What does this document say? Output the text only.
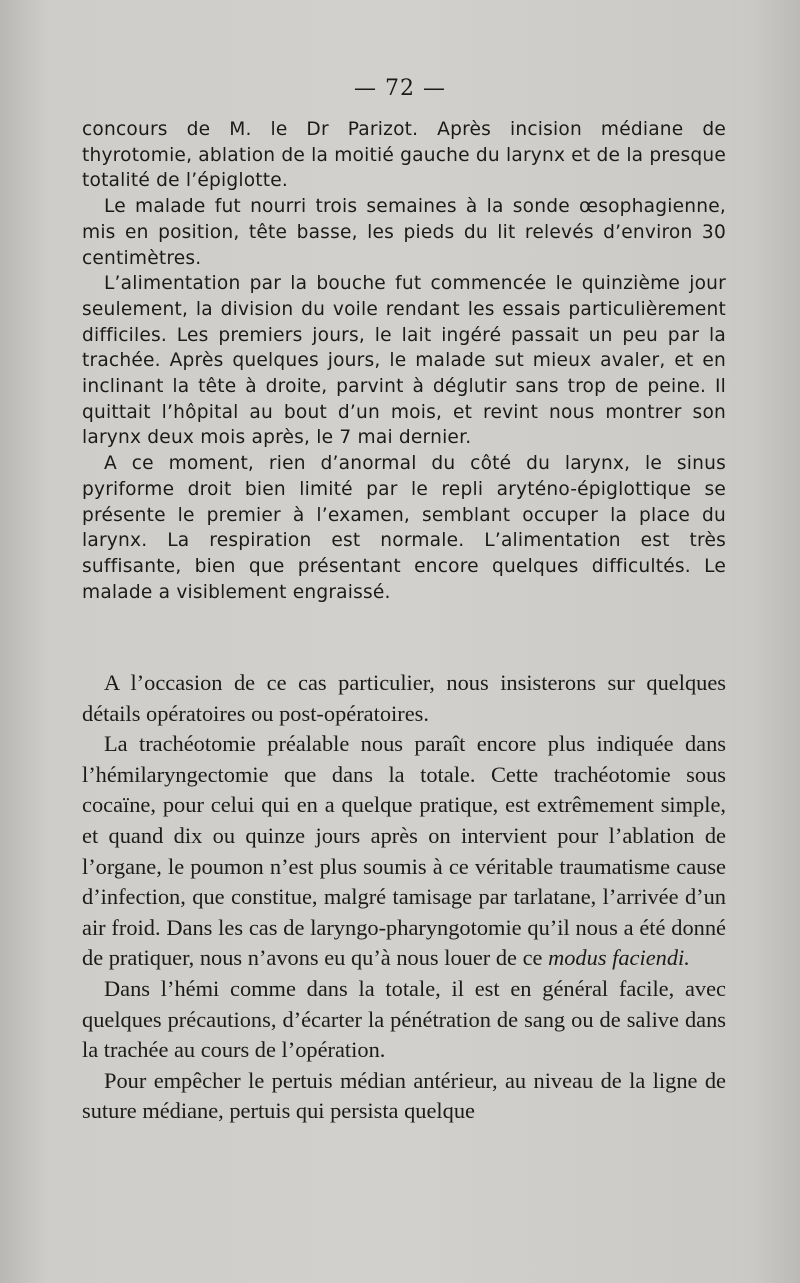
— 72 —

concours de M. le Dr Parizot. Après incision médiane de thyrotomie, ablation de la moitié gauche du larynx et de la presque totalité de l’épiglotte.

Le malade fut nourri trois semaines à la sonde œsophagienne, mis en position, tête basse, les pieds du lit relevés d’environ 30 centimètres.

L’alimentation par la bouche fut commencée le quinzième jour seulement, la division du voile rendant les essais particulièrement difficiles. Les premiers jours, le lait ingéré passait un peu par la trachée. Après quelques jours, le malade sut mieux avaler, et en inclinant la tête à droite, parvint à déglutir sans trop de peine. Il quittait l’hôpital au bout d’un mois, et revint nous montrer son larynx deux mois après, le 7 mai dernier.

A ce moment, rien d’anormal du côté du larynx, le sinus pyriforme droit bien limité par le repli aryténo-épiglottique se présente le premier à l’examen, semblant occuper la place du larynx. La respiration est normale. L’alimentation est très suffisante, bien que présentant encore quelques difficultés. Le malade a visiblement engraissé.

A l’occasion de ce cas particulier, nous insisterons sur quelques détails opératoires ou post-opératoires.

La trachéotomie préalable nous paraît encore plus indiquée dans l’hémilaryngectomie que dans la totale. Cette trachéotomie sous cocaïne, pour celui qui en a quelque pratique, est extrêmement simple, et quand dix ou quinze jours après on intervient pour l’ablation de l’organe, le poumon n’est plus soumis à ce véritable traumatisme cause d’infection, que constitue, malgré tamisage par tarlatane, l’arrivée d’un air froid. Dans les cas de laryngo-pharyngotomie qu’il nous a été donné de pratiquer, nous n’avons eu qu’à nous louer de ce modus faciendi.

Dans l’hémi comme dans la totale, il est en général facile, avec quelques précautions, d’écarter la pénétration de sang ou de salive dans la trachée au cours de l’opération.

Pour empêcher le pertuis médian antérieur, au niveau de la ligne de suture médiane, pertuis qui persista quelque
